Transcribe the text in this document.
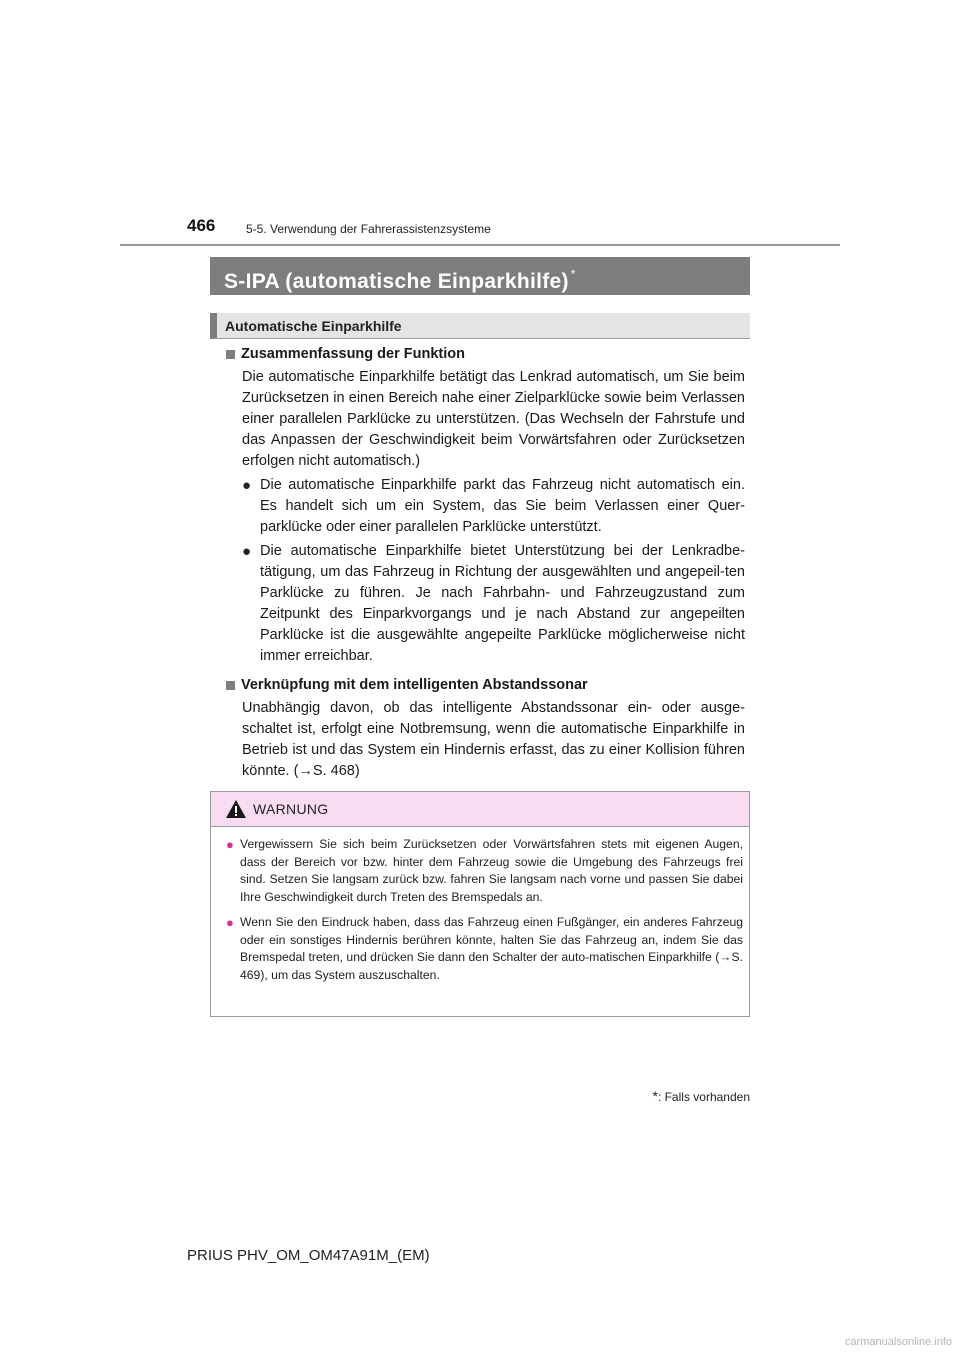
466	5-5. Verwendung der Fahrerassistenzsysteme
S-IPA (automatische Einparkhilfe) *
Automatische Einparkhilfe
Zusammenfassung der Funktion

Die automatische Einparkhilfe betätigt das Lenkrad automatisch, um Sie beim Zurücksetzen in einen Bereich nahe einer Zielparklücke sowie beim Verlassen einer parallelen Parklücke zu unterstützen. (Das Wechseln der Fahrstufe und das Anpassen der Geschwindigkeit beim Vorwärtsfahren oder Zurücksetzen erfolgen nicht automatisch.)

● Die automatische Einparkhilfe parkt das Fahrzeug nicht automatisch ein. Es handelt sich um ein System, das Sie beim Verlassen einer Quer-parklücke oder einer parallelen Parklücke unterstützt.
● Die automatische Einparkhilfe bietet Unterstützung bei der Lenkradbe-tätigung, um das Fahrzeug in Richtung der ausgewählten und angepeil-ten Parklücke zu führen. Je nach Fahrbahn- und Fahrzeugzustand zum Zeitpunkt des Einparkvorgangs und je nach Abstand zur angepeilten Parklücke ist die ausgewählte angepeilte Parklücke möglicherweise nicht immer erreichbar.
Verknüpfung mit dem intelligenten Abstandssonar

Unabhängig davon, ob das intelligente Abstandssonar ein- oder ausge-schaltet ist, erfolgt eine Notbremsung, wenn die automatische Einparkhilfe in Betrieb ist und das System ein Hindernis erfasst, das zu einer Kollision führen könnte. (→S. 468)

WARNUNG
● Vergewissern Sie sich beim Zurücksetzen oder Vorwärtsfahren stets mit eigenen Augen, dass der Bereich vor bzw. hinter dem Fahrzeug sowie die Umgebung des Fahrzeugs frei sind. Setzen Sie langsam zurück bzw. fahren Sie langsam nach vorne und passen Sie dabei Ihre Geschwindigkeit durch Treten des Bremspedals an.
● Wenn Sie den Eindruck haben, dass das Fahrzeug einen Fußgänger, ein anderes Fahrzeug oder ein sonstiges Hindernis berühren könnte, halten Sie das Fahrzeug an, indem Sie das Bremspedal treten, und drücken Sie dann den Schalter der auto-matischen Einparkhilfe (→S. 469), um das System auszuschalten.
*: Falls vorhanden
PRIUS PHV_OM_OM47A91M_(EM)
carmanualsonline.info
